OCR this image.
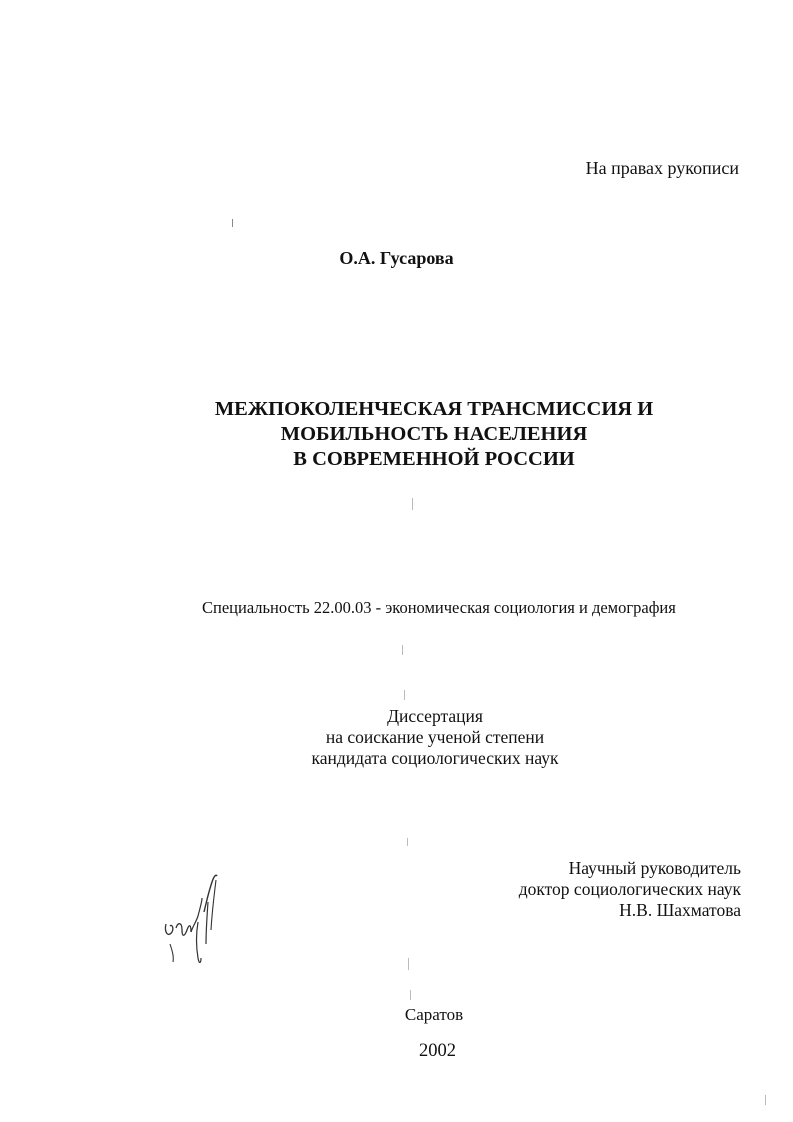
На правах рукописи
О.А. Гусарова
МЕЖПОКОЛЕНЧЕСКАЯ ТРАНСМИССИЯ И
МОБИЛЬНОСТЬ НАСЕЛЕНИЯ
В СОВРЕМЕННОЙ РОССИИ
Специальность 22.00.03 - экономическая социология и демография
Диссертация
на соискание ученой степени
кандидата социологических наук
Научный руководитель
доктор социологических наук
Н.В. Шахматова
Саратов
2002
